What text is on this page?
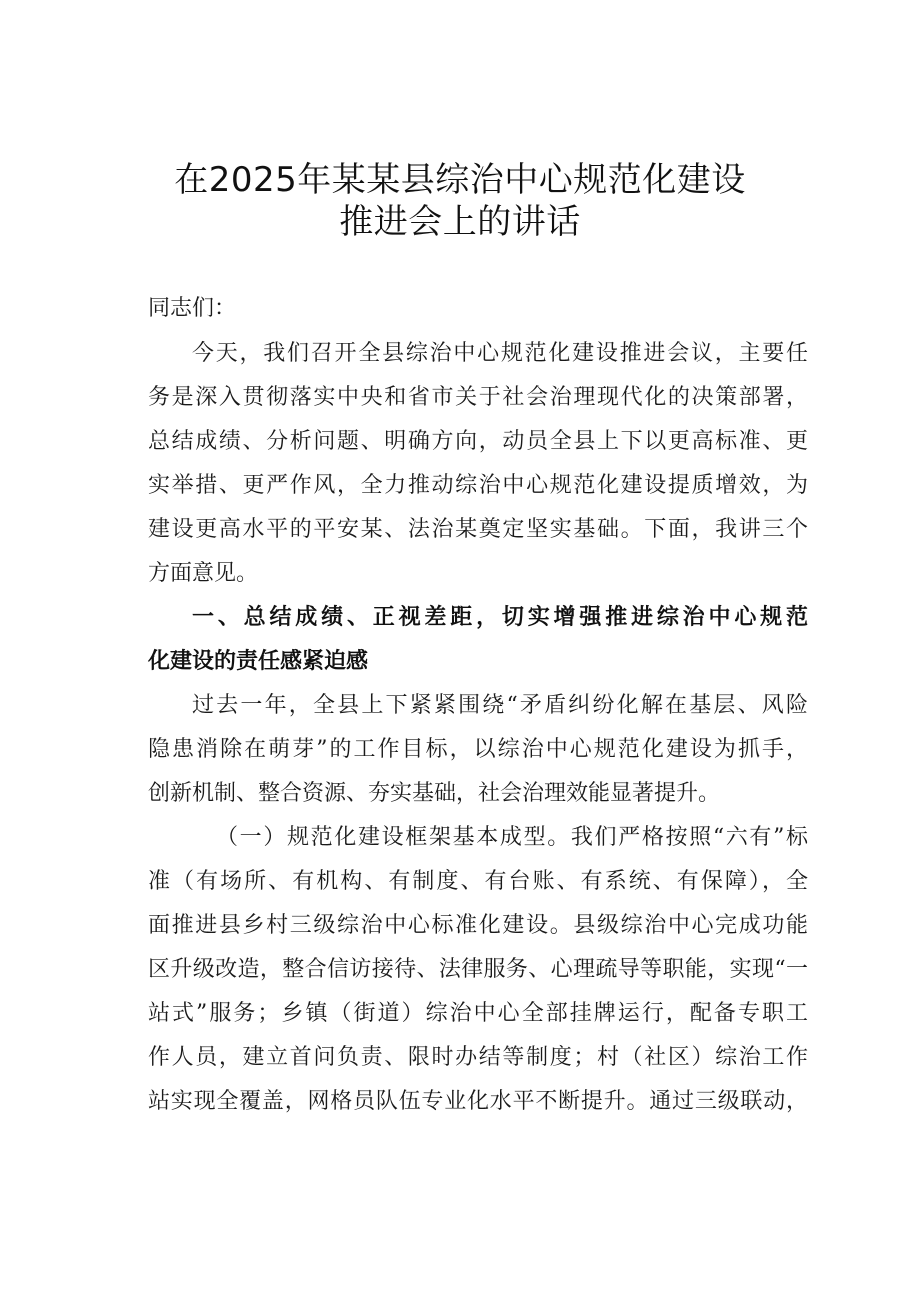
在2025年某某县综治中心规范化建设
推进会上的讲话
同志们：
今天，我们召开全县综治中心规范化建设推进会议，主要任
务是深入贯彻落实中央和省市关于社会治理现代化的决策部署，
总结成绩、分析问题、明确方向，动员全县上下以更高标准、更
实举措、更严作风，全力推动综治中心规范化建设提质增效，为
建设更高水平的平安某、法治某奠定坚实基础。下面，我讲三个
方面意见。
一、总结成绩、正视差距，切实增强推进综治中心规范
化建设的责任感紧迫感
过去一年，全县上下紧紧围绕“矛盾纠纷化解在基层、风险
隐患消除在萌芽”的工作目标，以综治中心规范化建设为抓手，
创新机制、整合资源、夯实基础，社会治理效能显著提升。
（一）规范化建设框架基本成型。我们严格按照“六有”标
准（有场所、有机构、有制度、有台账、有系统、有保障），全
面推进县乡村三级综治中心标准化建设。县级综治中心完成功能
区升级改造，整合信访接待、法律服务、心理疏导等职能，实现“一
站式”服务；乡镇（街道）综治中心全部挂牌运行，配备专职工
作人员，建立首问负责、限时办结等制度；村（社区）综治工作
站实现全覆盖，网格员队伍专业化水平不断提升。通过三级联动，
